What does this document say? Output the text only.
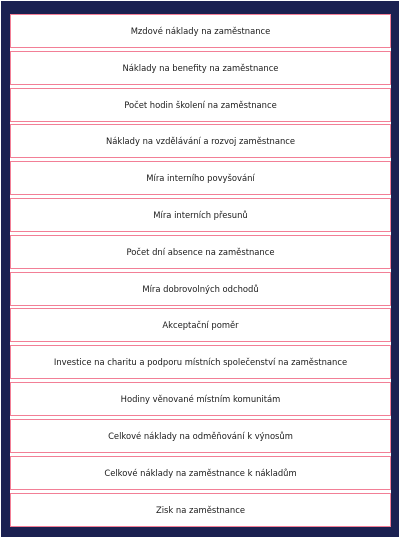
Mzdové náklady na zaměstnance
Náklady na benefity na zaměstnance
Počet hodin školení na zaměstnance
Náklady na vzdělávání a rozvoj zaměstnance
Míra interního povyšování
Míra interních přesunů
Počet dní absence na zaměstnance
Míra dobrovolných odchodů
Akceptační poměr
Investice na charitu a podporu místních společenství na zaměstnance
Hodiny věnované místním komunitám
Celkové náklady na odměňování k výnosům
Celkové náklady na zaměstnance k nákladům
Zisk na zaměstnance
